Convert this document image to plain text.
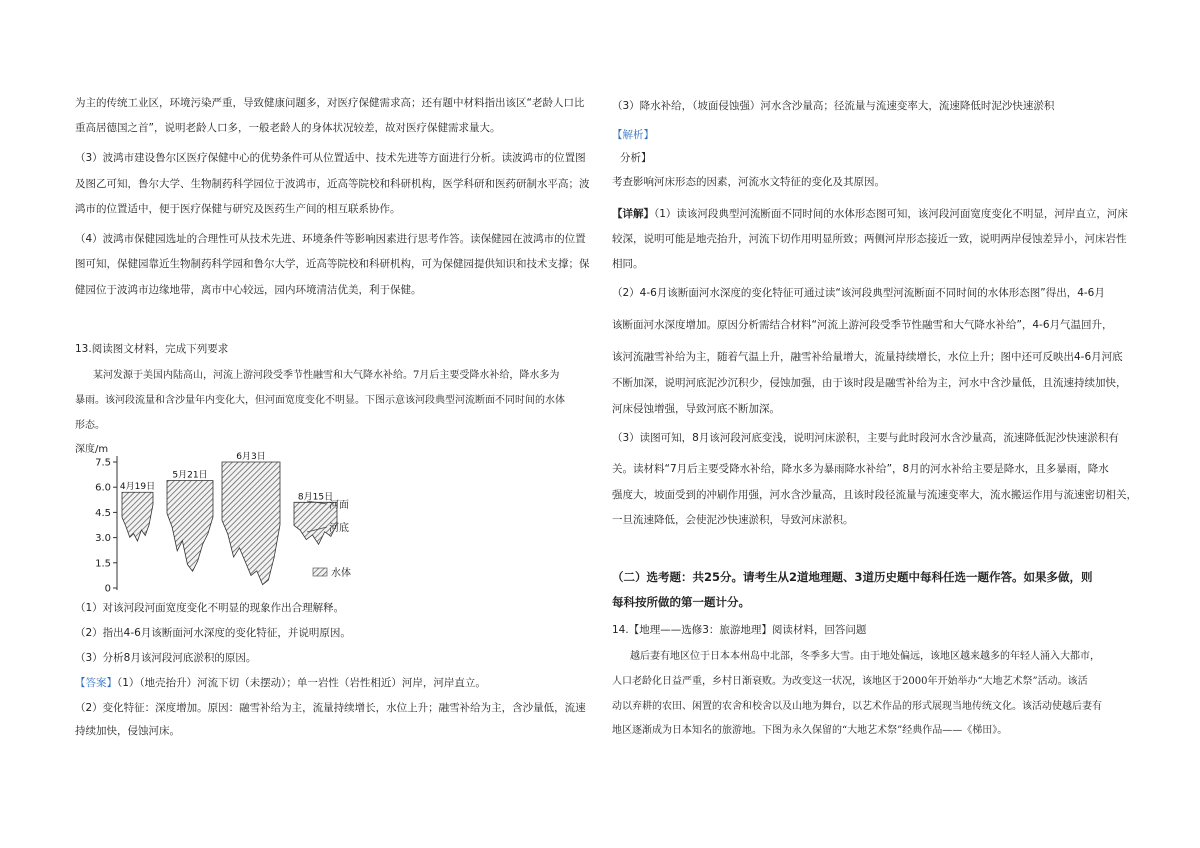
为主的传统工业区，环境污染严重，导致健康问题多，对医疗保健需求高；还有题中材料指出该区“老龄人口比
重高居德国之首”，说明老龄人口多，一般老龄人的身体状况较差，故对医疗保健需求量大。
（3）波鸿市建设鲁尔区医疗保健中心的优势条件可从位置适中、技术先进等方面进行分析。读波鸿市的位置图
及图乙可知，鲁尔大学、生物制药科学园位于波鸿市，近高等院校和科研机构，医学科研和医药研制水平高；波
鸿市的位置适中，便于医疗保健与研究及医药生产间的相互联系协作。
（4）波鸿市保健园选址的合理性可从技术先进、环境条件等影响因素进行思考作答。读保健园在波鸿市的位置
图可知，保健园靠近生物制药科学园和鲁尔大学，近高等院校和科研机构，可为保健园提供知识和技术支撑；保
健园位于波鸿市边缘地带，离市中心较远，园内环境清洁优美，利于保健。
13.阅读图文材料，完成下列要求
某河发源于美国内陆高山，河流上游河段受季节性融雪和大气降水补给。7月后主要受降水补给，降水多为
暴雨。该河段流量和含沙量年内变化大，但河面宽度变化不明显。下图示意该河段典型河流断面不同时间的水体
形态。
深度/m
7.5
6.0
4.5
3.0
1.5
0
4月19日
5月21日
6月3日
8月15日
河面
河底
水体
（1）对该河段河面宽度变化不明显的现象作出合理解释。
（2）指出4-6月该断面河水深度的变化特征，并说明原因。
（3）分析8月该河段河底淤积的原因。
【答案】（1）（地壳抬升）河流下切（未摆动）；单一岩性（岩性相近）河岸，河岸直立。
（2）变化特征：深度增加。原因：融雪补给为主，流量持续增长，水位上升；融雪补给为主，含沙量低，流速
持续加快，侵蚀河床。
（3）降水补给，（坡面侵蚀强）河水含沙量高；径流量与流速变率大，流速降低时泥沙快速淤积
【解析】
分析】
考查影响河床形态的因素，河流水文特征的变化及其原因。
【详解】（1）读该河段典型河流断面不同时间的水体形态图可知，该河段河面宽度变化不明显，河岸直立，河床
较深，说明可能是地壳抬升，河流下切作用明显所致；两侧河岸形态接近一致，说明两岸侵蚀差异小，河床岩性
相同。
（2）4-6月该断面河水深度的变化特征可通过读“该河段典型河流断面不同时间的水体形态图”得出，4-6月
该断面河水深度增加。原因分析需结合材料“河流上游河段受季节性融雪和大气降水补给”，4-6月气温回升，
该河流融雪补给为主，随着气温上升，融雪补给量增大，流量持续增长，水位上升；图中还可反映出4-6月河底
不断加深，说明河底泥沙沉积少，侵蚀加强，由于该时段是融雪补给为主，河水中含沙量低，且流速持续加快，
河床侵蚀增强，导致河底不断加深。
（3）读图可知，8月该河段河底变浅，说明河床淤积，主要与此时段河水含沙量高，流速降低泥沙快速淤积有
关。读材料“7月后主要受降水补给，降水多为暴雨降水补给”，8月的河水补给主要是降水，且多暴雨，降水
强度大，坡面受到的冲刷作用强，河水含沙量高，且该时段径流量与流速变率大，流水搬运作用与流速密切相关，
一旦流速降低，会使泥沙快速淤积，导致河床淤积。
（二）选考题：共25分。请考生从2道地理题、3道历史题中每科任选一题作答。如果多做，则
每科按所做的第一题计分。
14.【地理——选修3：旅游地理】阅读材料，回答问题
越后妻有地区位于日本本州岛中北部，冬季多大雪。由于地处偏远，该地区越来越多的年轻人涌入大都市，
人口老龄化日益严重，乡村日渐衰败。为改变这一状况，该地区于2000年开始举办“大地艺术祭”活动。该活
动以弃耕的农田、闲置的农舍和校舍以及山地为舞台，以艺术作品的形式展现当地传统文化。该活动使越后妻有
地区逐渐成为日本知名的旅游地。下图为永久保留的“大地艺术祭”经典作品——《梯田》。
